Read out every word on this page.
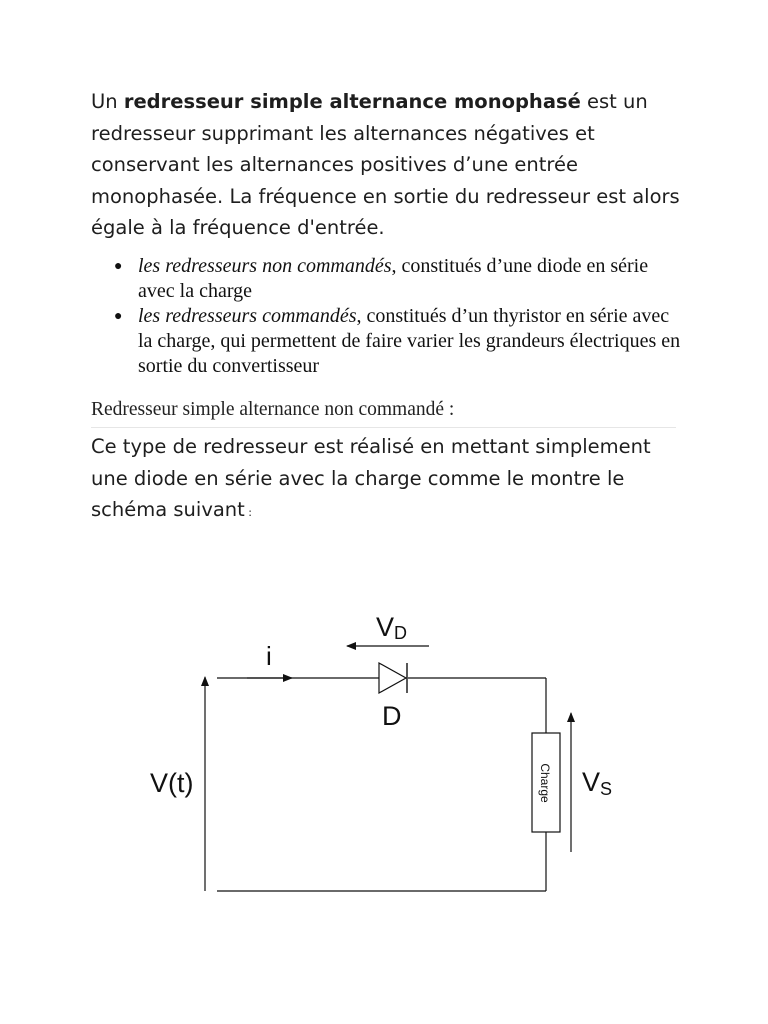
Un redresseur simple alternance monophasé est un redresseur supprimant les alternances négatives et conservant les alternances positives d’une entrée monophasée. La fréquence en sortie du redresseur est alors égale à la fréquence d'entrée.

● les redresseurs non commandés, constitués d’une diode en série avec la charge
● les redresseurs commandés, constitués d’un thyristor en série avec la charge, qui permettent de faire varier les grandeurs électriques en sortie du convertisseur
Redresseur simple alternance non commandé :

Ce type de redresseur est réalisé en mettant simplement une diode en série avec la charge comme le montre le schéma suivant :

Charge
i
VD
D
V(t)	VS
